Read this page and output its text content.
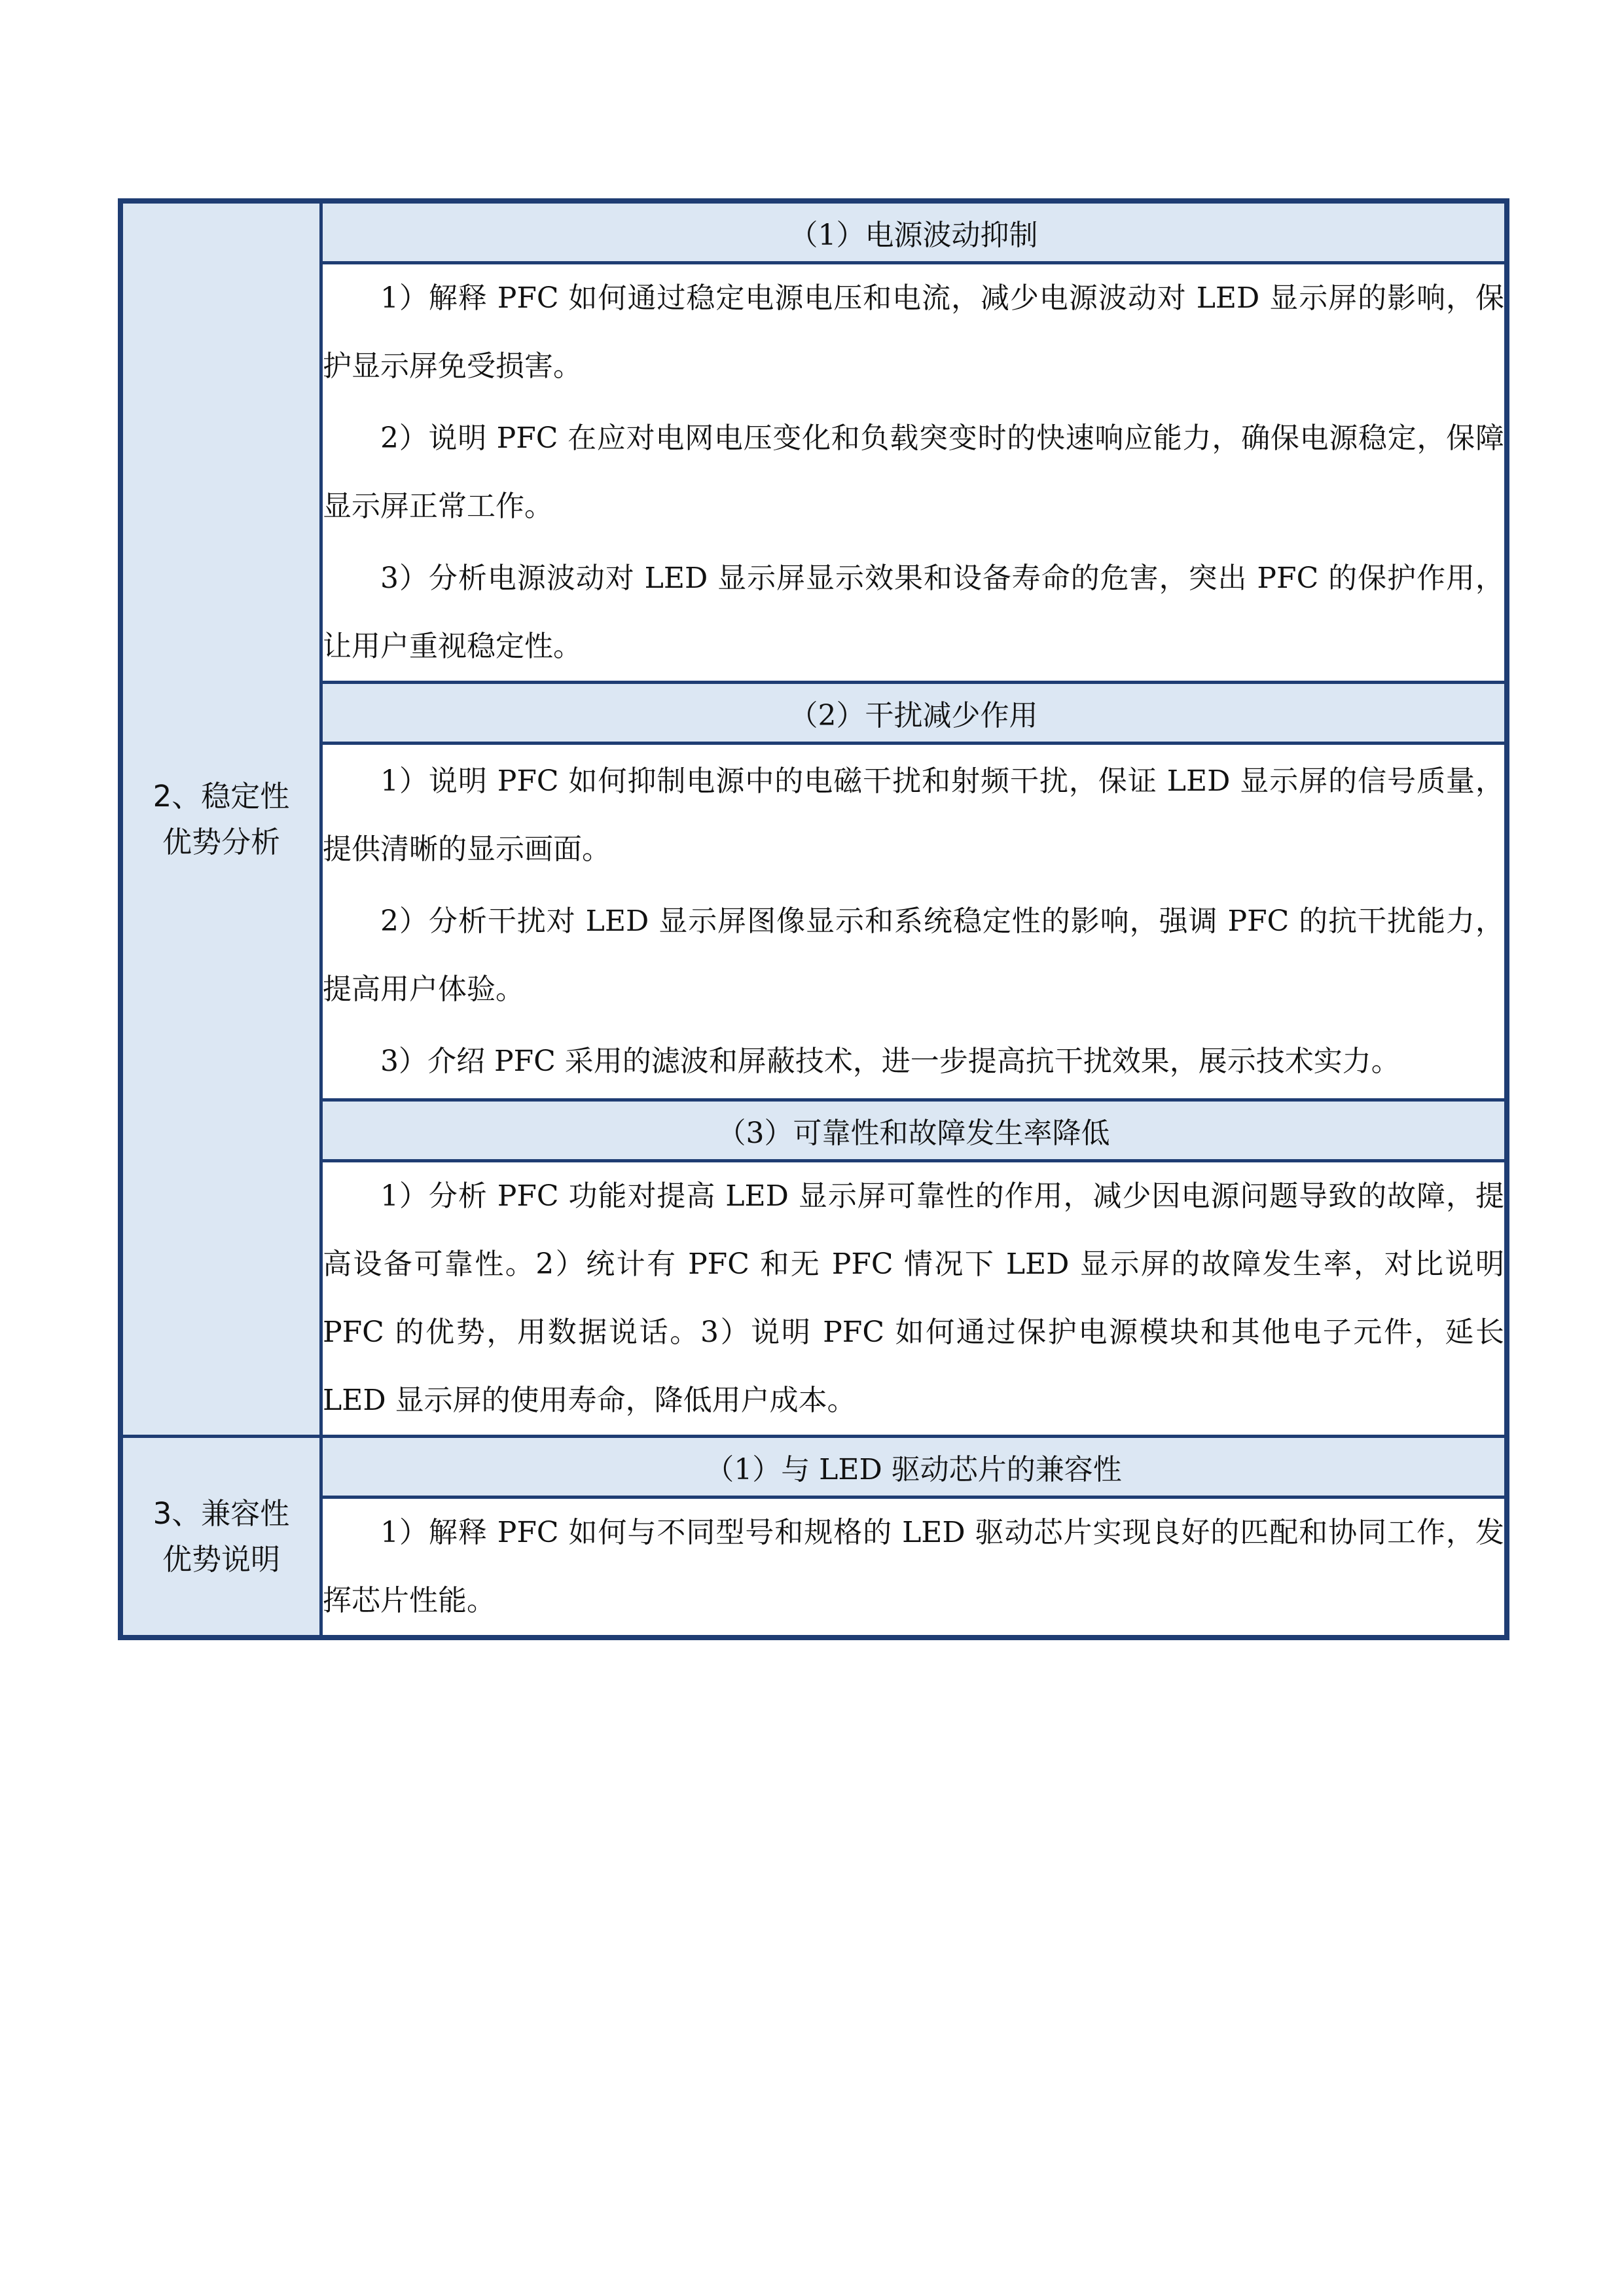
2、稳定性
优势分析	（1）电源波动抑制

	1）解释 PFC 如何通过稳定电源电压和电流，减少电源波动对 LED 显示屏的影响，保护显示屏免受损害。

2）说明 PFC 在应对电网电压变化和负载突变时的快速响应能力，确保电源稳定，保障显示屏正常工作。

3）分析电源波动对 LED 显示屏显示效果和设备寿命的危害，突出 PFC 的保护作用，让用户重视稳定性。

	（2）干扰减少作用

	1）说明 PFC 如何抑制电源中的电磁干扰和射频干扰，保证 LED 显示屏的信号质量，提供清晰的显示画面。

2）分析干扰对 LED 显示屏图像显示和系统稳定性的影响，强调 PFC 的抗干扰能力，提高用户体验。

3）介绍 PFC 采用的滤波和屏蔽技术，进一步提高抗干扰效果，展示技术实力。

	（3）可靠性和故障发生率降低

	1）分析 PFC 功能对提高 LED 显示屏可靠性的作用，减少因电源问题导致的故障，提高设备可靠性。2）统计有 PFC 和无 PFC 情况下 LED 显示屏的故障发生率，对比说明 PFC 的优势，用数据说话。3）说明 PFC 如何通过保护电源模块和其他电子元件，延长 LED 显示屏的使用寿命，降低用户成本。

3、兼容性
优势说明	（1）与 LED 驱动芯片的兼容性

	1）解释 PFC 如何与不同型号和规格的 LED 驱动芯片实现良好的匹配和协同工作，发挥芯片性能。
